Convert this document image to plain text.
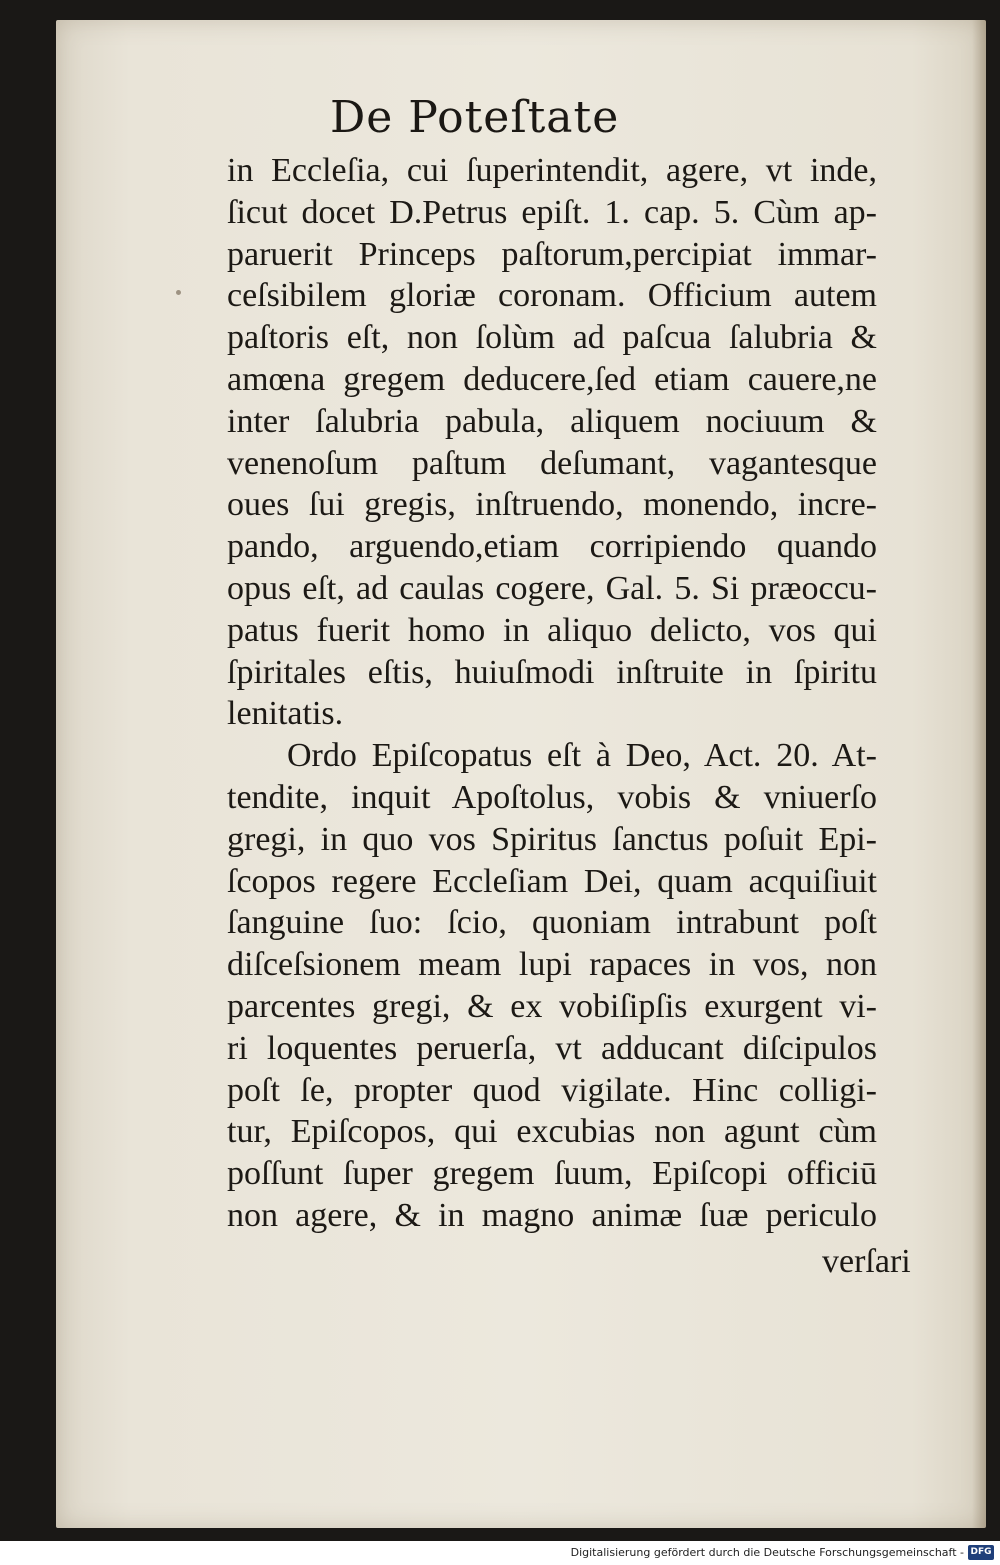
De Poteſtate
in Eccleſia, cui ſuperintendit, agere, vt inde,
ſicut docet D.Petrus epiſt. 1. cap. 5. Cùm ap-
paruerit Princeps paſtorum,percipiat immar-
ceſsibilem gloriæ coronam. Officium autem
paſtoris eſt, non ſolùm ad paſcua ſalubria &
amœna gregem deducere,ſed etiam cauere,ne
inter ſalubria pabula, aliquem nociuum &
venenoſum paſtum deſumant, vagantesque
oues ſui gregis, inſtruendo, monendo, incre-
pando, arguendo,etiam corripiendo quando
opus eſt, ad caulas cogere, Gal. 5. Si præoccu-
patus fuerit homo in aliquo delicto, vos qui
ſpiritales eſtis, huiuſmodi inſtruite in ſpiritu
lenitatis.
Ordo Epiſcopatus eſt à Deo, Act. 20. At-
tendite, inquit Apoſtolus, vobis & vniuerſo
gregi, in quo vos Spiritus ſanctus poſuit Epi-
ſcopos regere Eccleſiam Dei, quam acquiſiuit
ſanguine ſuo: ſcio, quoniam intrabunt poſt
diſceſsionem meam lupi rapaces in vos, non
parcentes gregi, & ex vobiſipſis exurgent vi-
ri loquentes peruerſa, vt adducant diſcipulos
poſt ſe, propter quod vigilate. Hinc colligi-
tur, Epiſcopos, qui excubias non agunt cùm
poſſunt ſuper gregem ſuum, Epiſcopi officiū
non agere, & in magno animæ ſuæ periculo
verſari
Digitalisierung gefördert durch die Deutsche Forschungsgemeinschaft - DFG
